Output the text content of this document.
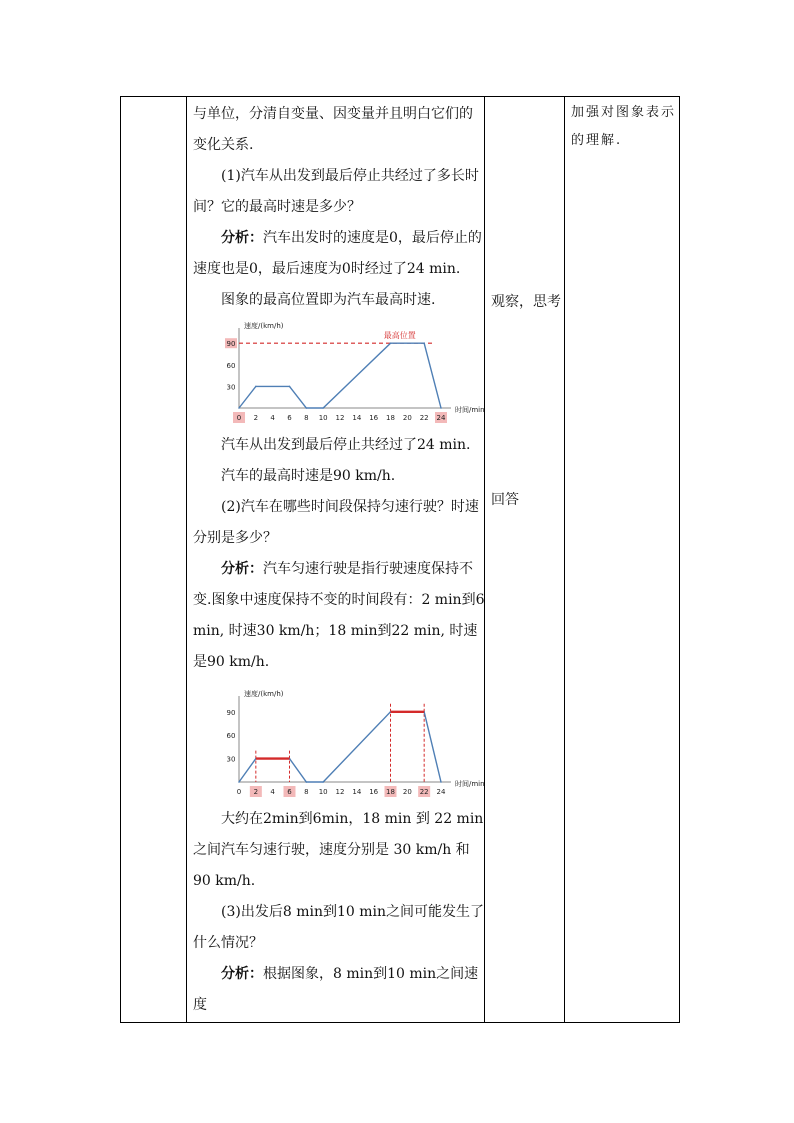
与单位，分清自变量、因变量并且明白它们的变化关系.

(1)汽车从出发到最后停止共经过了多长时间？它的最高时速是多少？

分析：汽车出发时的速度是0，最后停止的速度也是0，最后速度为0时经过了24 min.

图象的最高位置即为汽车最高时速.

速度/(km/h)
时间/min
30
60
90
0 2 4 6 8 10 12 14 16 18 20 22 24
最高位置

汽车从出发到最后停止共经过了24 min.

汽车的最高时速是90 km/h.

(2)汽车在哪些时间段保持匀速行驶？时速分别是多少？

分析：汽车匀速行驶是指行驶速度保持不变.图象中速度保持不变的时间段有：2 min到6 min, 时速30 km/h；18 min到22 min, 时速是90 km/h.

速度/(km/h)
时间/min
30
60
90
0 2 4 6 8 10 12 14 16 18 20 22 24

大约在2min到6min，18 min 到 22 min 之间汽车匀速行驶，速度分别是 30 km/h 和90 km/h.

(3)出发后8 min到10 min之间可能发生了什么情况？

分析：根据图象，8 min到10 min之间速度

观察，思考
回答
加强对图象表示的理解.
